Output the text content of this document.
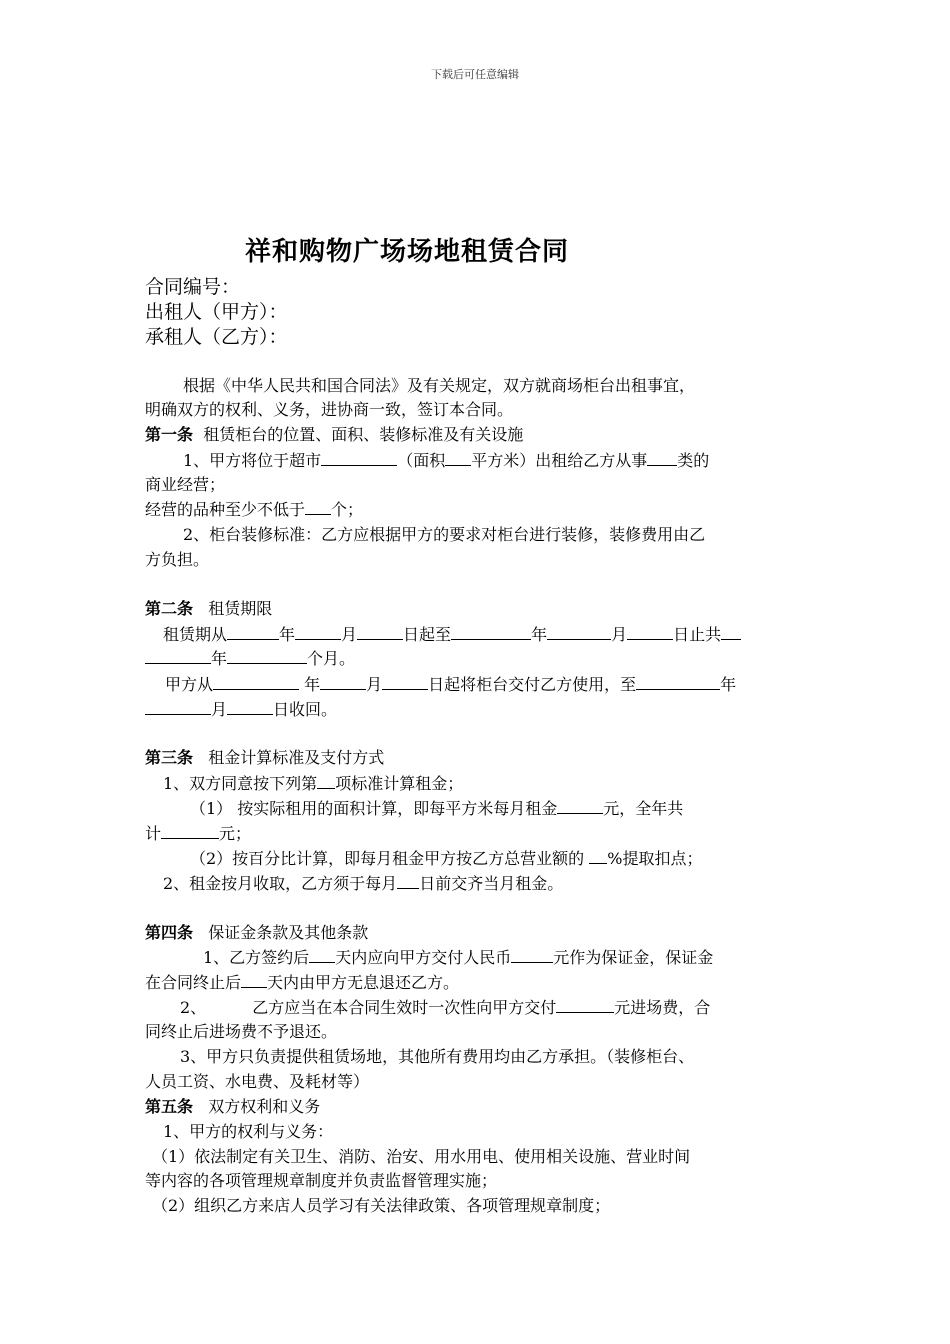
下载后可任意编辑
祥和购物广场场地租赁合同
合同编号：
出租人（甲方）：
承租人（乙方）：
根据《中华人民共和国合同法》及有关规定，双方就商场柜台出租事宜，
明确双方的权利、义务，进协商一致，签订本合同。
第一条 租赁柜台的位置、面积、装修标准及有关设施
1、甲方将位于超市	（面积 平方米）出租给乙方从事 类的
商业经营；
经营的品种至少不低于 个；
2、柜台装修标准：乙方应根据甲方的要求对柜台进行装修，装修费用由乙
方负担。
第二条 租赁期限
租赁期从	年	月	日起至	年	月	日止共
年	个月。
甲方从	年	月	日起将柜台交付乙方使用，至	年
月	日收回。
第三条 租金计算标准及支付方式
1、双方同意按下列第 项标准计算租金；
（1） 按实际租用的面积计算，即每平方米每月租金	元，全年共
计	元；
（2）按百分比计算，即每月租金甲方按乙方总营业额的 %提取扣点；
2、租金按月收取，乙方须于每月 日前交齐当月租金。
第四条 保证金条款及其他条款
1、乙方签约后 天内应向甲方交付人民币	元作为保证金，保证金
在合同终止后 天内由甲方无息退还乙方。
2、	乙方应当在本合同生效时一次性向甲方交付	元进场费，合
同终止后进场费不予退还。
3、甲方只负责提供租赁场地，其他所有费用均由乙方承担。（装修柜台、
人员工资、水电费、及耗材等）
第五条 双方权利和义务
1、甲方的权利与义务：
（1）依法制定有关卫生、消防、治安、用水用电、使用相关设施、营业时间
等内容的各项管理规章制度并负责监督管理实施；
（2）组织乙方来店人员学习有关法律政策、各项管理规章制度；
